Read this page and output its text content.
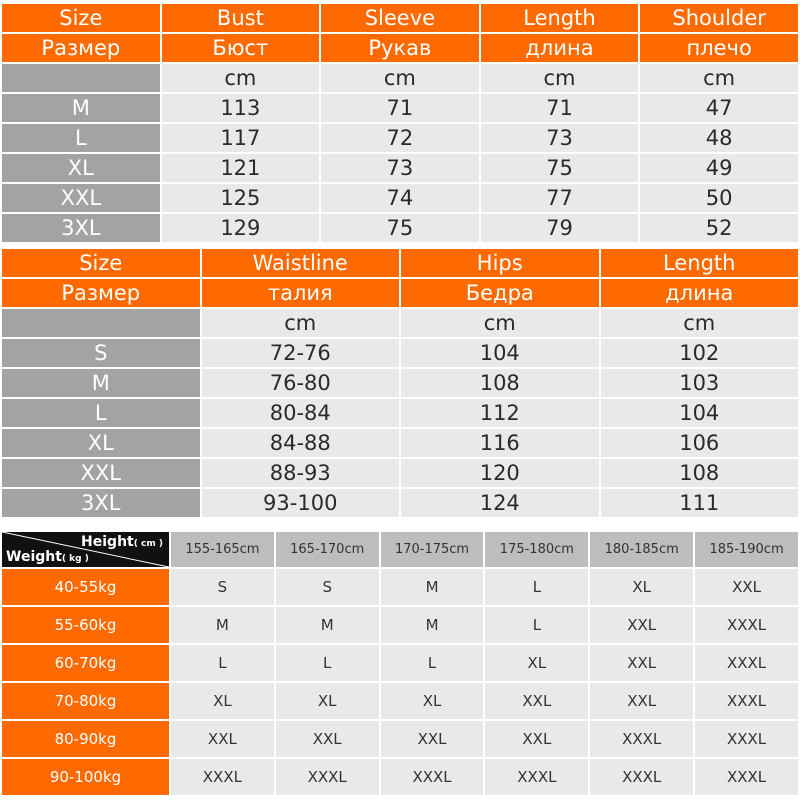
Size	Bust	Sleeve	Length	Shoulder
Размер	Бюст	Рукав	длина	плечо
	cm	cm	cm	cm
M	113	71	71	47
L	117	72	73	48
XL	121	73	75	49
XXL	125	74	77	50
3XL	129	75	79	52
Size	Waistline	Hips	Length
Размер	талия	Бедра	длина
	cm	cm	cm
S	72-76	104	102
M	76-80	108	103
L	80-84	112	104
XL	84-88	116	106
XXL	88-93	120	108
3XL	93-100	124	111
Height( cm )
Weight( kg )	155-165cm	165-170cm	170-175cm	175-180cm	180-185cm	185-190cm
40-55kg	S	S	M	L	XL	XXL
55-60kg	M	M	M	L	XXL	XXXL
60-70kg	L	L	L	XL	XXL	XXXL
70-80kg	XL	XL	XL	XXL	XXL	XXXL
80-90kg	XXL	XXL	XXL	XXL	XXXL	XXXL
90-100kg	XXXL	XXXL	XXXL	XXXL	XXXL	XXXL
